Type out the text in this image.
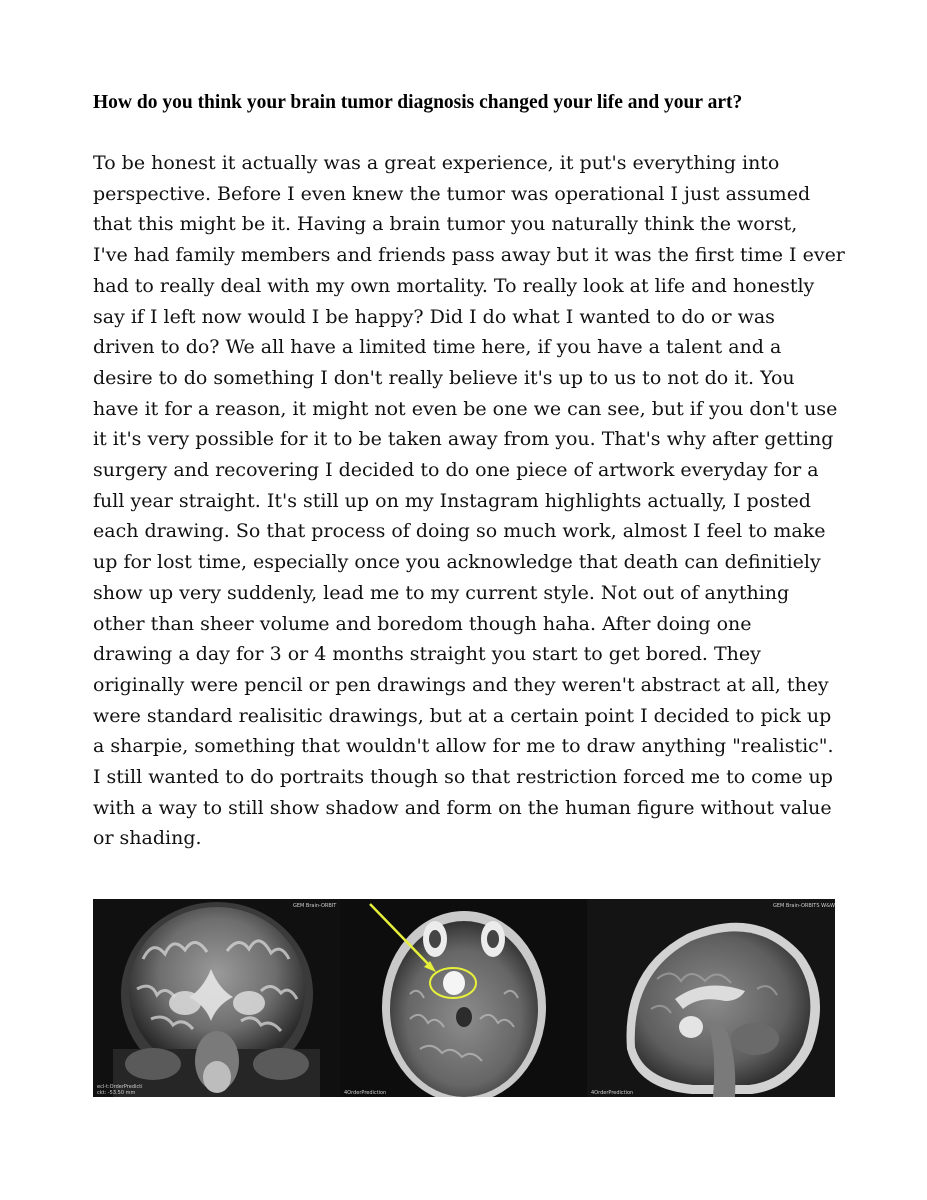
How do you think your brain tumor diagnosis changed your life and your art?
To be honest it actually was a great experience, it put's everything into
perspective. Before I even knew the tumor was operational I just assumed
that this might be it. Having a brain tumor you naturally think the worst,
I've had family members and friends pass away but it was the first time I ever
had to really deal with my own mortality. To really look at life and honestly
say if I left now would I be happy? Did I do what I wanted to do or was
driven to do? We all have a limited time here, if you have a talent and a
desire to do something I don't really believe it's up to us to not do it. You
have it for a reason, it might not even be one we can see, but if you don't use
it it's very possible for it to be taken away from you. That's why after getting
surgery and recovering I decided to do one piece of artwork everyday for a
full year straight. It's still up on my Instagram highlights actually, I posted
each drawing. So that process of doing so much work, almost I feel to make
up for lost time, especially once you acknowledge that death can definitiely
show up very suddenly, lead me to my current style. Not out of anything
other than sheer volume and boredom though haha. After doing one
drawing a day for 3 or 4 months straight you start to get bored. They
originally were pencil or pen drawings and they weren't abstract at all, they
were standard realisitic drawings, but at a certain point I decided to pick up
a sharpie, something that wouldn't allow for me to draw anything "realistic".
I still wanted to do portraits though so that restriction forced me to come up
with a way to still show shadow and form on the human figure without value
or shading.
GEM Brain-ORBIT
ecl-t:OrderPredicti
ckt: -53.50 mm	4OrderPrediction
GEM Brain-ORBITS W&W
4OrderPrediction
